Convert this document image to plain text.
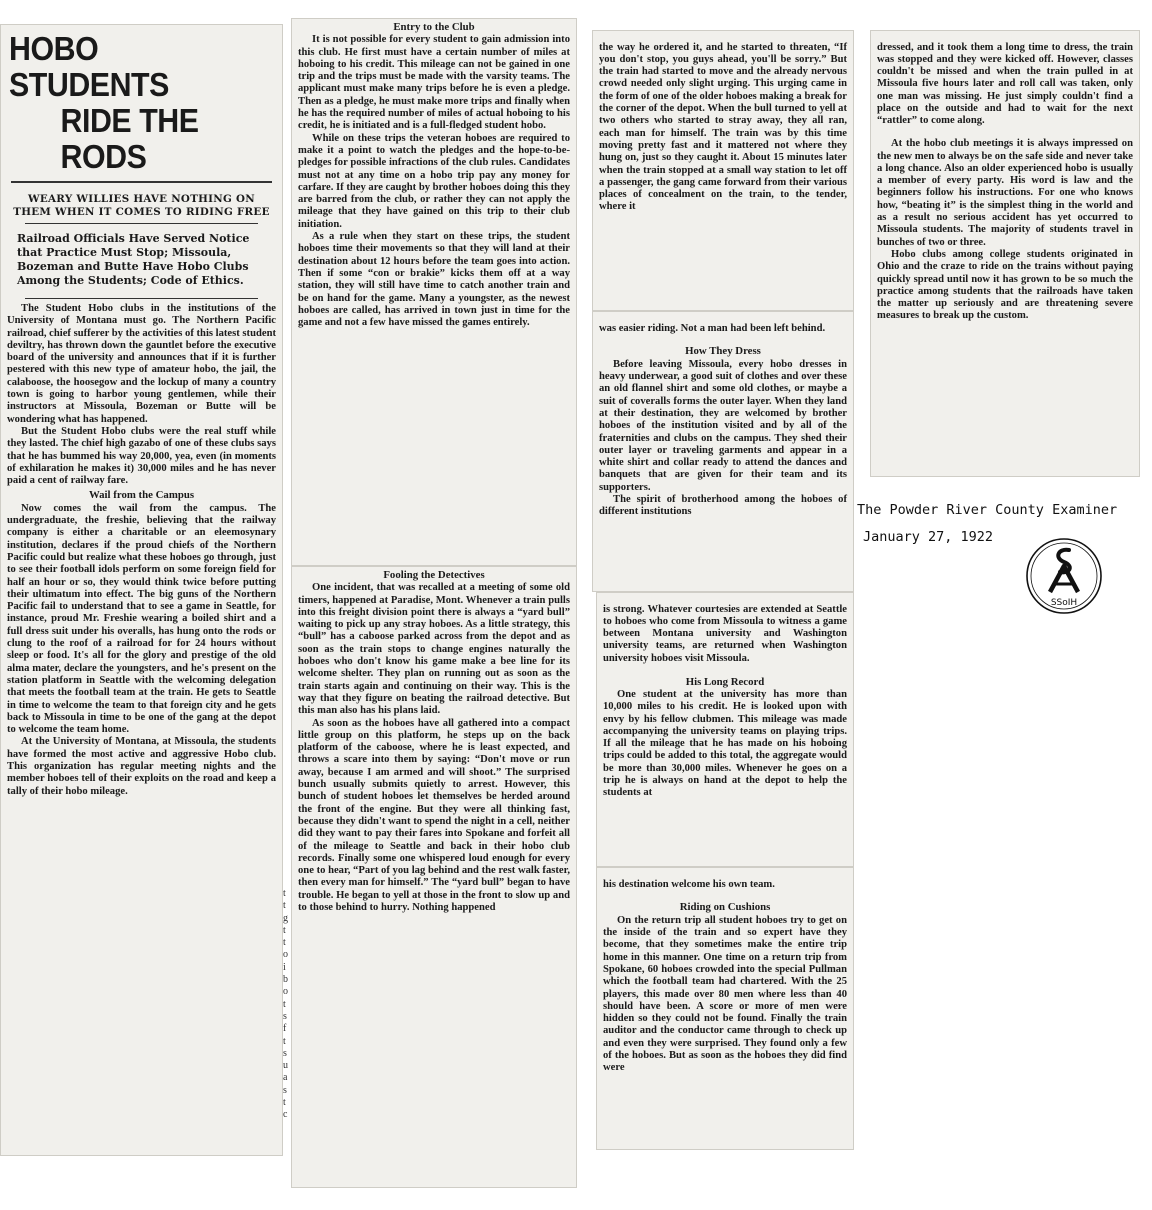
HOBO STUDENTS
RIDE THE RODS
WEARY WILLIES HAVE NOTHING ON THEM WHEN IT COMES TO RIDING FREE
Railroad Officials Have Served Notice that Practice Must Stop; Missoula, Bozeman and Butte Have Hobo Clubs Among the Students; Code of Ethics.

The Student Hobo clubs in the institutions of the University of Montana must go. The Northern Pacific railroad, chief sufferer by the activities of this latest student deviltry, has thrown down the gauntlet before the executive board of the university and announces that if it is further pestered with this new type of amateur hobo, the jail, the calaboose, the hoosegow and the lockup of many a country town is going to harbor young gentlemen, while their instructors at Missoula, Bozeman or Butte will be wondering what has happened.

But the Student Hobo clubs were the real stuff while they lasted. The chief high gazabo of one of these clubs says that he has bummed his way 20,000, yea, even (in moments of exhilaration he makes it) 30,000 miles and he has never paid a cent of railway fare.

Wail from the Campus

Now comes the wail from the campus. The undergraduate, the freshie, believing that the railway company is either a charitable or an eleemosynary institution, declares if the proud chiefs of the Northern Pacific could but realize what these hoboes go through, just to see their football idols perform on some foreign field for half an hour or so, they would think twice before putting their ultimatum into effect. The big guns of the Northern Pacific fail to understand that to see a game in Seattle, for instance, proud Mr. Freshie wearing a boiled shirt and a full dress suit under his overalls, has hung onto the rods or clung to the roof of a railroad for for 24 hours without sleep or food. It's all for the glory and prestige of the old alma mater, declare the youngsters, and he's present on the station platform in Seattle with the welcoming delegation that meets the football team at the train. He gets to Seattle in time to welcome the team to that foreign city and he gets back to Missoula in time to be one of the gang at the depot to welcome the team home.

At the University of Montana, at Missoula, the students have formed the most active and aggressive Hobo club. This organization has regular meeting nights and the member hoboes tell of their exploits on the road and keep a tally of their hobo mileage.

t
t
g
t
t
o
i
b
o
t
s
f
t
s
u
a
s
t
c
Entry to the Club

It is not possible for every student to gain admission into this club. He first must have a certain number of miles at hoboing to his credit. This mileage can not be gained in one trip and the trips must be made with the varsity teams. The applicant must make many trips before he is even a pledge. Then as a pledge, he must make more trips and finally when he has the required number of miles of actual hoboing to his credit, he is initiated and is a full-fledged student hobo.

While on these trips the veteran hoboes are required to make it a point to watch the pledges and the hope-to-be-pledges for possible infractions of the club rules. Candidates must not at any time on a hobo trip pay any money for carfare. If they are caught by brother hoboes doing this they are barred from the club, or rather they can not apply the mileage that they have gained on this trip to their club initiation.

As a rule when they start on these trips, the student hoboes time their movements so that they will land at their destination about 12 hours before the team goes into action. Then if some “con or brakie” kicks them off at a way station, they will still have time to catch another train and be on hand for the game. Many a youngster, as the newest hoboes are called, has arrived in town just in time for the game and not a few have missed the games entirely.

Fooling the Detectives

One incident, that was recalled at a meeting of some old timers, happened at Paradise, Mont. Whenever a train pulls into this freight division point there is always a “yard bull” waiting to pick up any stray hoboes. As a little strategy, this “bull” has a caboose parked across from the depot and as soon as the train stops to change engines naturally the hoboes who don't know his game make a bee line for its welcome shelter. They plan on running out as soon as the train starts again and continuing on their way. This is the way that they figure on beating the railroad detective. But this man also has his plans laid.

As soon as the hoboes have all gathered into a compact little group on this platform, he steps up on the back platform of the caboose, where he is least expected, and throws a scare into them by saying: “Don't move or run away, because I am armed and will shoot.” The surprised bunch usually submits quietly to arrest. However, this bunch of student hoboes let themselves be herded around the front of the engine. But they were all thinking fast, because they didn't want to spend the night in a cell, neither did they want to pay their fares into Spokane and forfeit all of the mileage to Seattle and back in their hobo club records. Finally some one whispered loud enough for every one to hear, “Part of you lag behind and the rest walk faster, then every man for himself.” The “yard bull” began to have trouble. He began to yell at those in the front to slow up and to those behind to hurry. Nothing happened

the way he ordered it, and he started to threaten, “If you don't stop, you guys ahead, you'll be sorry.” But the train had started to move and the already nervous crowd needed only slight urging. This urging came in the form of one of the older hoboes making a break for the corner of the depot. When the bull turned to yell at two others who started to stray away, they all ran, each man for himself. The train was by this time moving pretty fast and it mattered not where they hung on, just so they caught it. About 15 minutes later when the train stopped at a small way station to let off a passenger, the gang came forward from their various places of concealment on the train, to the tender, where it

was easier riding. Not a man had been left behind.

How They Dress

Before leaving Missoula, every hobo dresses in heavy underwear, a good suit of clothes and over these an old flannel shirt and some old clothes, or maybe a suit of coveralls forms the outer layer. When they land at their destination, they are welcomed by brother hoboes of the institution visited and by all of the fraternities and clubs on the campus. They shed their outer layer or traveling garments and appear in a white shirt and collar ready to attend the dances and banquets that are given for their team and its supporters.

The spirit of brotherhood among the hoboes of different institutions

is strong. Whatever courtesies are extended at Seattle to hoboes who come from Missoula to witness a game between Montana university and Washington university teams, are returned when Washington university hoboes visit Missoula.

His Long Record

One student at the university has more than 10,000 miles to his credit. He is looked upon with envy by his fellow clubmen. This mileage was made accompanying the university teams on playing trips. If all the mileage that he has made on his hoboing trips could be added to this total, the aggregate would be more than 30,000 miles. Whenever he goes on a trip he is always on hand at the depot to help the students at

his destination welcome his own team.

Riding on Cushions

On the return trip all student hoboes try to get on the inside of the train and so expert have they become, that they sometimes make the entire trip home in this manner. One time on a return trip from Spokane, 60 hoboes crowded into the special Pullman which the football team had chartered. With the 25 players, this made over 80 men where less than 40 should have been. A score or more of men were hidden so they could not be found. Finally the train auditor and the conductor came through to check up and even they were surprised. They found only a few of the hoboes. But as soon as the hoboes they did find were

dressed, and it took them a long time to dress, the train was stopped and they were kicked off. However, classes couldn't be missed and when the train pulled in at Missoula five hours later and roll call was taken, only one man was missing. He just simply couldn't find a place on the outside and had to wait for the next “rattler” to come along.

At the hobo club meetings it is always impressed on the new men to always be on the safe side and never take a long chance. Also an older experienced hobo is usually a member of every party. His word is law and the beginners follow his instructions. For one who knows how, “beating it” is the simplest thing in the world and as a result no serious accident has yet occurred to Missoula students. The majority of students travel in bunches of two or three.

Hobo clubs among college students originated in Ohio and the craze to ride on the trains without paying quickly spread until now it has grown to be so much the practice among students that the railroads have taken the matter up seriously and are threatening severe measures to break up the custom.

The Powder River County Examiner
January 27, 1922
SSoIH
